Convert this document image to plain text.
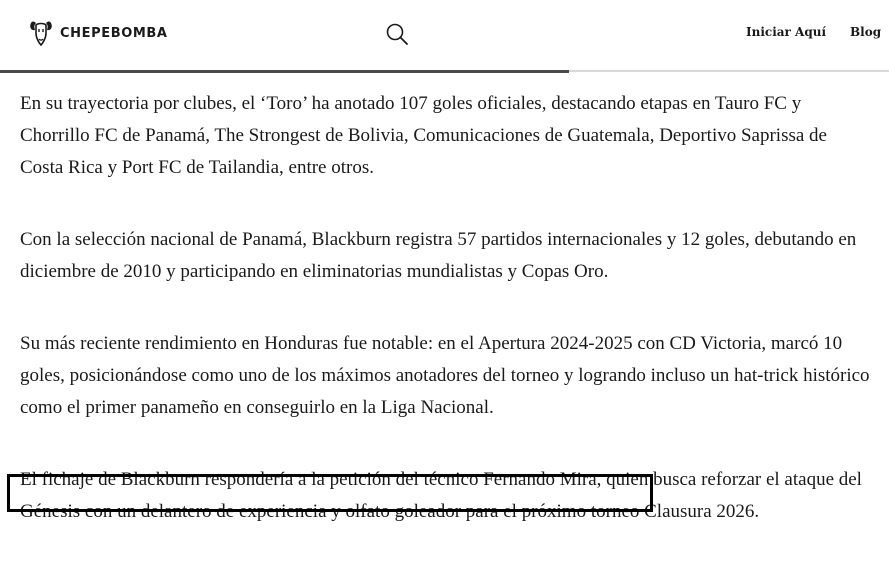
CHEPEBOMBA	Iniciar Aquí Blog

En su trayectoria por clubes, el ‘Toro’ ha anotado 107 goles oficiales, destacando etapas en Tauro FC y Chorrillo FC de Panamá, The Strongest de Bolivia, Comunicaciones de Guatemala, Deportivo Saprissa de Costa Rica y Port FC de Tailandia, entre otros.

Con la selección nacional de Panamá, Blackburn registra 57 partidos internacionales y 12 goles, debutando en diciembre de 2010 y participando en eliminatorias mundialistas y Copas Oro.

Su más reciente rendimiento en Honduras fue notable: en el Apertura 2024-2025 con CD Victoria, marcó 10 goles, posicionándose como uno de los máximos anotadores del torneo y logrando incluso un hat-trick histórico como el primer panameño en conseguirlo en la Liga Nacional.

El fichaje de Blackburn respondería a la petición del técnico Fernando Mira, quien busca reforzar el ataque del Génesis con un delantero de experiencia y olfato goleador para el próximo torneo Clausura 2026.
